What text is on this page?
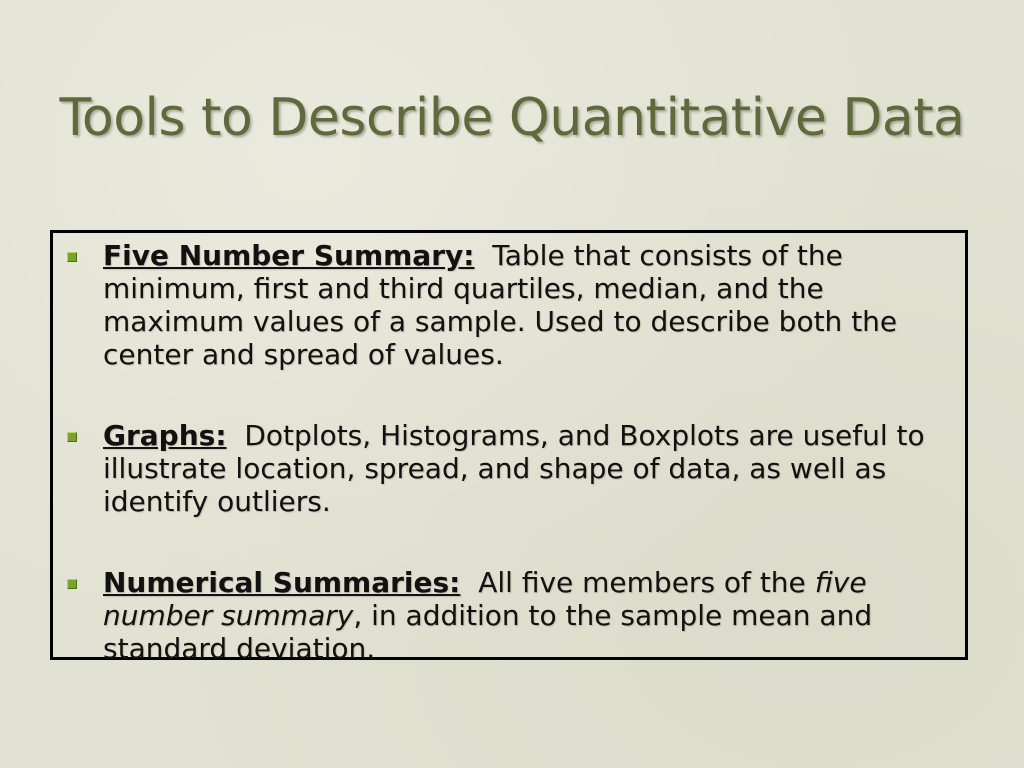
Tools to Describe Quantitative Data
Five Number Summary: Table that consists of the minimum, first and third quartiles, median, and the maximum values of a sample. Used to describe both the center and spread of values.
Graphs: Dotplots, Histograms, and Boxplots are useful to illustrate location, spread, and shape of data, as well as identify outliers.
Numerical Summaries: All five members of the five number summary, in addition to the sample mean and standard deviation.
